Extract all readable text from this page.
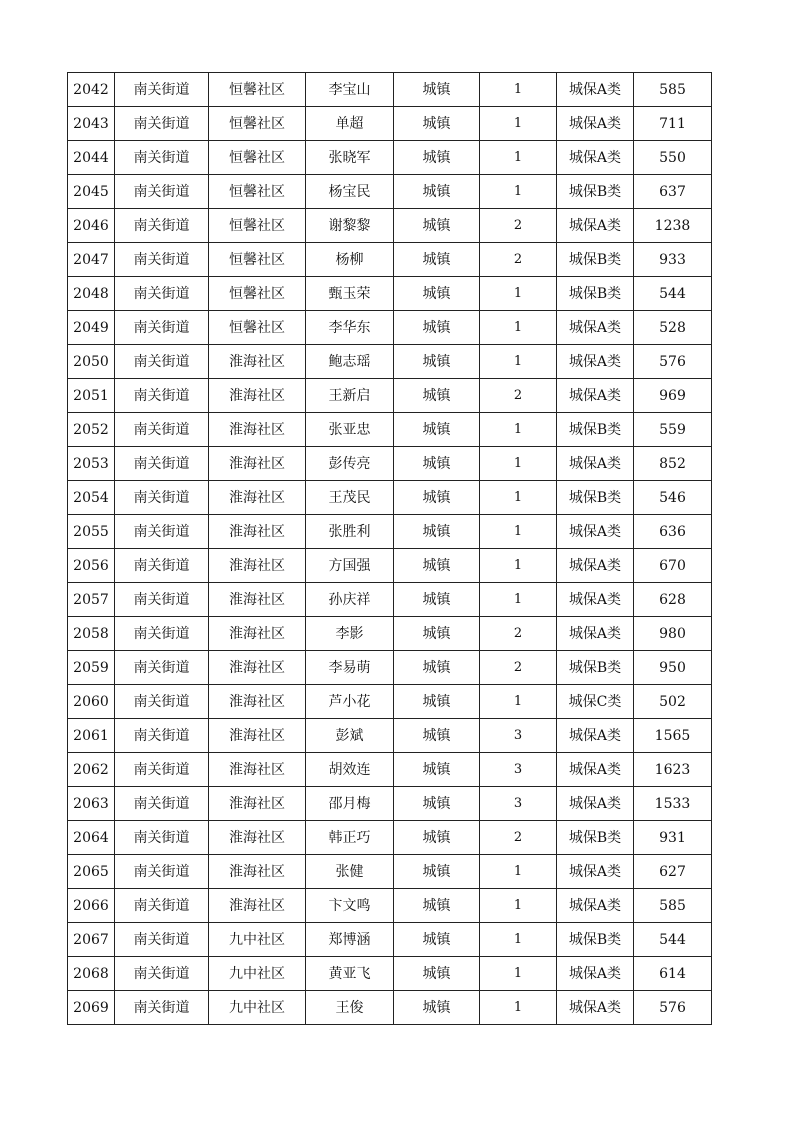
2042	南关街道	恒馨社区	李宝山	城镇	1	城保A类	585
2043	南关街道	恒馨社区	单超	城镇	1	城保A类	711
2044	南关街道	恒馨社区	张晓军	城镇	1	城保A类	550
2045	南关街道	恒馨社区	杨宝民	城镇	1	城保B类	637
2046	南关街道	恒馨社区	谢黎黎	城镇	2	城保A类	1238
2047	南关街道	恒馨社区	杨柳	城镇	2	城保B类	933
2048	南关街道	恒馨社区	甄玉荣	城镇	1	城保B类	544
2049	南关街道	恒馨社区	李华东	城镇	1	城保A类	528
2050	南关街道	淮海社区	鲍志瑶	城镇	1	城保A类	576
2051	南关街道	淮海社区	王新启	城镇	2	城保A类	969
2052	南关街道	淮海社区	张亚忠	城镇	1	城保B类	559
2053	南关街道	淮海社区	彭传亮	城镇	1	城保A类	852
2054	南关街道	淮海社区	王茂民	城镇	1	城保B类	546
2055	南关街道	淮海社区	张胜利	城镇	1	城保A类	636
2056	南关街道	淮海社区	方国强	城镇	1	城保A类	670
2057	南关街道	淮海社区	孙庆祥	城镇	1	城保A类	628
2058	南关街道	淮海社区	李影	城镇	2	城保A类	980
2059	南关街道	淮海社区	李易萌	城镇	2	城保B类	950
2060	南关街道	淮海社区	芦小花	城镇	1	城保C类	502
2061	南关街道	淮海社区	彭斌	城镇	3	城保A类	1565
2062	南关街道	淮海社区	胡效连	城镇	3	城保A类	1623
2063	南关街道	淮海社区	邵月梅	城镇	3	城保A类	1533
2064	南关街道	淮海社区	韩正巧	城镇	2	城保B类	931
2065	南关街道	淮海社区	张健	城镇	1	城保A类	627
2066	南关街道	淮海社区	卞文鸣	城镇	1	城保A类	585
2067	南关街道	九中社区	郑博涵	城镇	1	城保B类	544
2068	南关街道	九中社区	黄亚飞	城镇	1	城保A类	614
2069	南关街道	九中社区	王俊	城镇	1	城保A类	576
